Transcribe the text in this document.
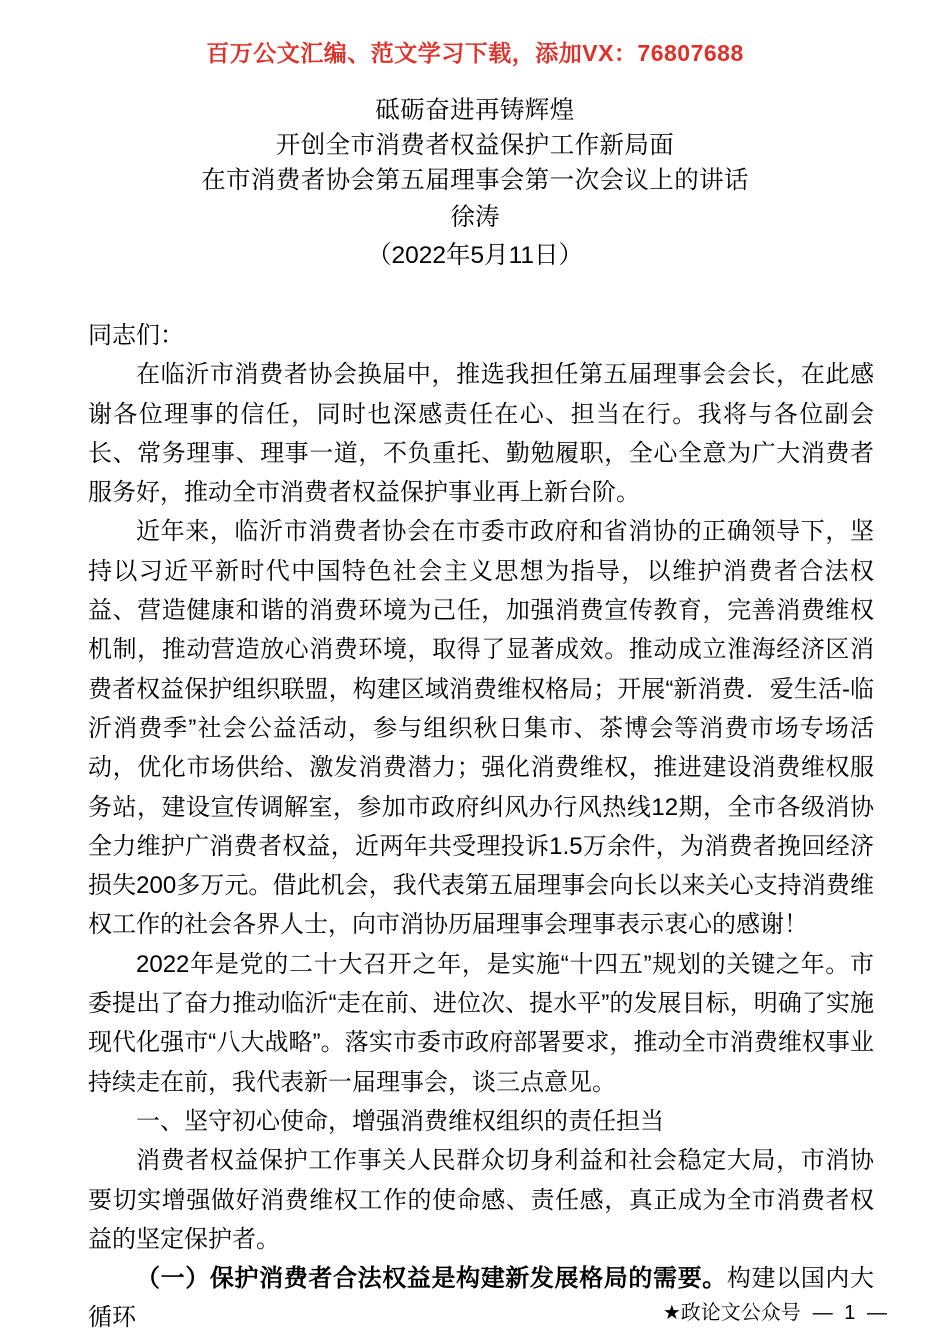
百万公文汇编、范文学习下载，添加VX：76807688
砥砺奋进再铸辉煌
开创全市消费者权益保护工作新局面
在市消费者协会第五届理事会第一次会议上的讲话
徐涛
（2022年5月11日）

同志们：

在临沂市消费者协会换届中，推选我担任第五届理事会会长，在此感谢各位理事的信任，同时也深感责任在心、担当在行。我将与各位副会长、常务理事、理事一道，不负重托、勤勉履职，全心全意为广大消费者服务好，推动全市消费者权益保护事业再上新台阶。

近年来，临沂市消费者协会在市委市政府和省消协的正确领导下，坚持以习近平新时代中国特色社会主义思想为指导，以维护消费者合法权益、营造健康和谐的消费环境为己任，加强消费宣传教育，完善消费维权机制，推动营造放心消费环境，取得了显著成效。推动成立淮海经济区消费者权益保护组织联盟，构建区域消费维权格局；开展“新消费．爱生活-临沂消费季”社会公益活动，参与组织秋日集市、茶博会等消费市场专场活动，优化市场供给、激发消费潜力；强化消费维权，推进建设消费维权服务站，建设宣传调解室，参加市政府纠风办行风热线12期，全市各级消协全力维护广消费者权益，近两年共受理投诉1.5万余件，为消费者挽回经济损失200多万元。借此机会，我代表第五届理事会向长以来关心支持消费维权工作的社会各界人士，向市消协历届理事会理事表示衷心的感谢！

2022年是党的二十大召开之年，是实施“十四五”规划的关键之年。市委提出了奋力推动临沂“走在前、进位次、提水平”的发展目标，明确了实施现代化强市“八大战略”。落实市委市政府部署要求，推动全市消费维权事业持续走在前，我代表新一届理事会，谈三点意见。

一、坚守初心使命，增强消费维权组织的责任担当

消费者权益保护工作事关人民群众切身利益和社会稳定大局，市消协要切实增强做好消费维权工作的使命感、责任感，真正成为全市消费者权益的坚定保护者。

（一）保护消费者合法权益是构建新发展格局的需要。构建以国内大循环	★政论文公众号 — 1 —
